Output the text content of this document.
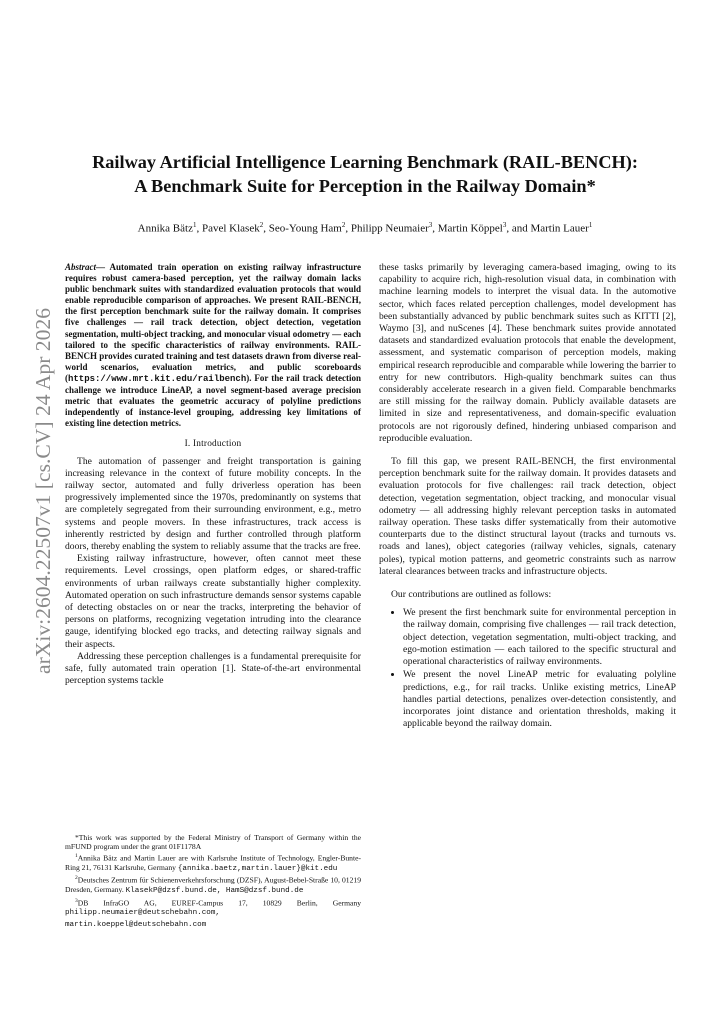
arXiv:2604.22507v1 [cs.CV] 24 Apr 2026
Railway Artificial Intelligence Learning Benchmark (RAIL-BENCH):
A Benchmark Suite for Perception in the Railway Domain*
Annika Bätz$^1$, Pavel Klasek$^2$, Seo-Young Ham$^2$, Philipp Neumaier$^3$, Martin Köppel$^3$, and Martin Lauer$^1$

Abstract— Automated train operation on existing railway infrastructure requires robust camera-based perception, yet the railway domain lacks public benchmark suites with standardized evaluation protocols that would enable reproducible comparison of approaches. We present RAIL-BENCH, the first perception benchmark suite for the railway domain. It comprises five challenges — rail track detection, object detection, vegetation segmentation, multi-object tracking, and monocular visual odometry — each tailored to the specific characteristics of railway environments. RAIL-BENCH provides curated training and test datasets drawn from diverse real-world scenarios, evaluation metrics, and public scoreboards (https://www.mrt.kit.edu/railbench). For the rail track detection challenge we introduce LineAP, a novel segment-based average precision metric that evaluates the geometric accuracy of polyline predictions independently of instance-level grouping, addressing key limitations of existing line detection metrics.

I. Introduction

The automation of passenger and freight transportation is gaining increasing relevance in the context of future mobility concepts. In the railway sector, automated and fully driverless operation has been progressively implemented since the 1970s, predominantly on systems that are completely segregated from their surrounding environment, e.g., metro systems and people movers. In these infrastructures, track access is inherently restricted by design and further controlled through platform doors, thereby enabling the system to reliably assume that the tracks are free.

Existing railway infrastructure, however, often cannot meet these requirements. Level crossings, open platform edges, or shared-traffic environments of urban railways create substantially higher complexity. Automated operation on such infrastructure demands sensor systems capable of detecting obstacles on or near the tracks, interpreting the behavior of persons on platforms, recognizing vegetation intruding into the clearance gauge, identifying blocked ego tracks, and detecting railway signals and their aspects.

Addressing these perception challenges is a fundamental prerequisite for safe, fully automated train operation [1]. State-of-the-art environmental perception systems tackle

these tasks primarily by leveraging camera-based imaging, owing to its capability to acquire rich, high-resolution visual data, in combination with machine learning models to interpret the visual data. In the automotive sector, which faces related perception challenges, model development has been substantially advanced by public benchmark suites such as KITTI [2], Waymo [3], and nuScenes [4]. These benchmark suites provide annotated datasets and standardized evaluation protocols that enable the development, assessment, and systematic comparison of perception models, making empirical research reproducible and comparable while lowering the barrier to entry for new contributors. High-quality benchmark suites can thus considerably accelerate research in a given field. Comparable benchmarks are still missing for the railway domain. Publicly available datasets are limited in size and representativeness, and domain-specific evaluation protocols are not rigorously defined, hindering unbiased comparison and reproducible evaluation.

To fill this gap, we present RAIL-BENCH, the first environmental perception benchmark suite for the railway domain. It provides datasets and evaluation protocols for five challenges: rail track detection, object detection, vegetation segmentation, object tracking, and monocular visual odometry — all addressing highly relevant perception tasks in automated railway operation. These tasks differ systematically from their automotive counterparts due to the distinct structural layout (tracks and turnouts vs. roads and lanes), object categories (railway vehicles, signals, catenary poles), typical motion patterns, and geometric constraints such as narrow lateral clearances between tracks and infrastructure objects.

Our contributions are outlined as follows:

• We present the first benchmark suite for environmental perception in the railway domain, comprising five challenges — rail track detection, object detection, vegetation segmentation, multi-object tracking, and ego-motion estimation — each tailored to the specific structural and operational characteristics of railway environments.
• We present the novel LineAP metric for evaluating polyline predictions, e.g., for rail tracks. Unlike existing metrics, LineAP handles partial detections, penalizes over-detection consistently, and incorporates joint distance and orientation thresholds, making it applicable beyond the railway domain.

*This work was supported by the Federal Ministry of Transport of Germany within the mFUND program under the grant 01F1178A

$^1$Annika Bätz and Martin Lauer are with Karlsruhe Institute of Technology, Engler-Bunte-Ring 21, 76131 Karlsruhe, Germany {annika.baetz,martin.lauer}@kit.edu

$^2$Deutsches Zentrum für Schienenverkehrsforschung (DZSF), August-Bebel-Straße 10, 01219 Dresden, Germany. KlasekP@dzsf.bund.de, HamS@dzsf.bund.de

$^3$DB InfraGO AG, EUREF-Campus 17, 10829 Berlin, Germany philipp.neumaier@deutschebahn.com, martin.koeppel@deutschebahn.com
